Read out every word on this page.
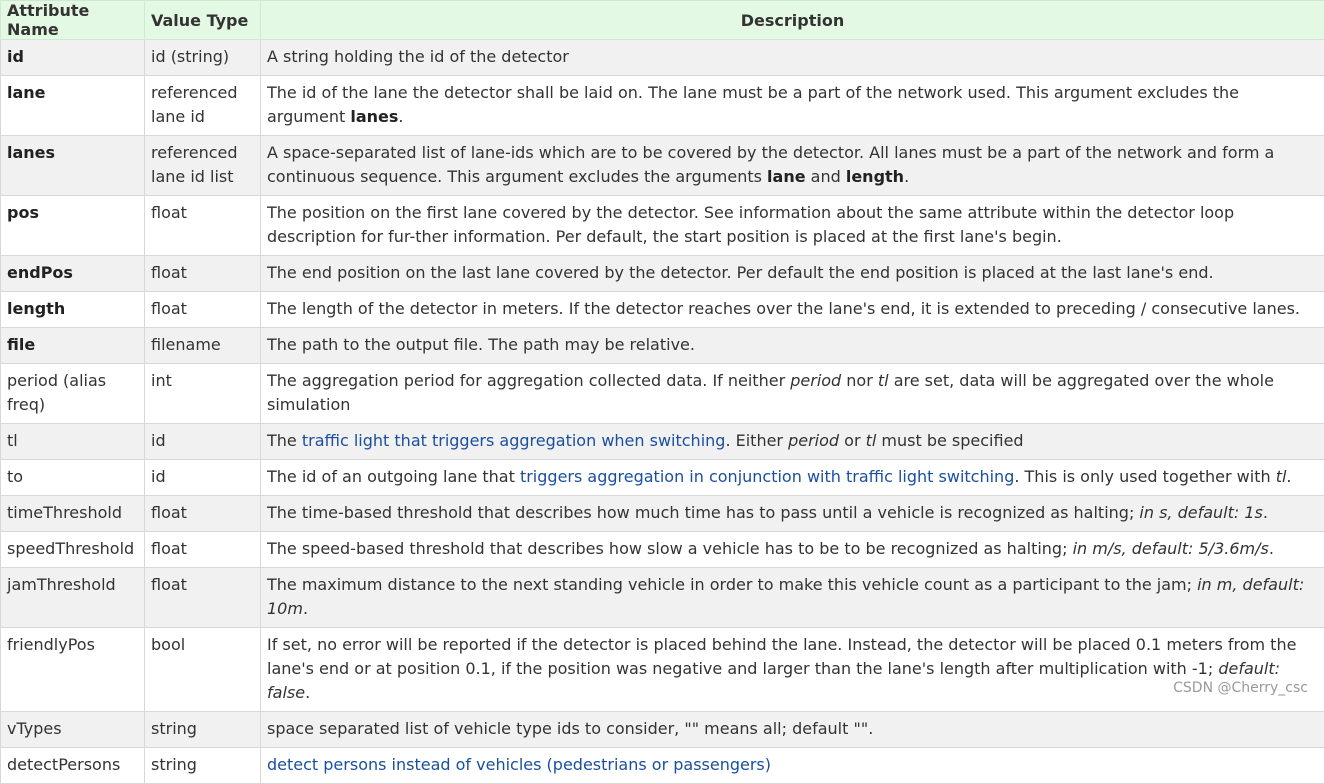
Attribute Name	Value Type	Description
id	id (string)	A string holding the id of the detector
lane	referenced lane id	The id of the lane the detector shall be laid on. The lane must be a part of the network used. This argument excludes the argument lanes.
lanes	referenced lane id list	A space-separated list of lane-ids which are to be covered by the detector. All lanes must be a part of the network and form a continuous sequence. This argument excludes the arguments lane and length.
pos	float	The position on the first lane covered by the detector. See information about the same attribute within the detector loop description for fur-ther information. Per default, the start position is placed at the first lane's begin.
endPos	float	The end position on the last lane covered by the detector. Per default the end position is placed at the last lane's end.
length	float	The length of the detector in meters. If the detector reaches over the lane's end, it is extended to preceding / consecutive lanes.
file	filename	The path to the output file. The path may be relative.
period (alias freq)	int	The aggregation period for aggregation collected data. If neither period nor tl are set, data will be aggregated over the whole simulation
tl	id	The traffic light that triggers aggregation when switching. Either period or tl must be specified
to	id	The id of an outgoing lane that triggers aggregation in conjunction with traffic light switching. This is only used together with tl.
timeThreshold	float	The time-based threshold that describes how much time has to pass until a vehicle is recognized as halting; in s, default: 1s.
speedThreshold	float	The speed-based threshold that describes how slow a vehicle has to be to be recognized as halting; in m/s, default: 5/3.6m/s.
jamThreshold	float	The maximum distance to the next standing vehicle in order to make this vehicle count as a participant to the jam; in m, default: 10m.
friendlyPos	bool	If set, no error will be reported if the detector is placed behind the lane. Instead, the detector will be placed 0.1 meters from the lane's end or at position 0.1, if the position was negative and larger than the lane's length after multiplication with -1; default: false.
vTypes	string	space separated list of vehicle type ids to consider, "" means all; default "".
detectPersons	string	detect persons instead of vehicles (pedestrians or passengers)
CSDN @Cherry_csc
